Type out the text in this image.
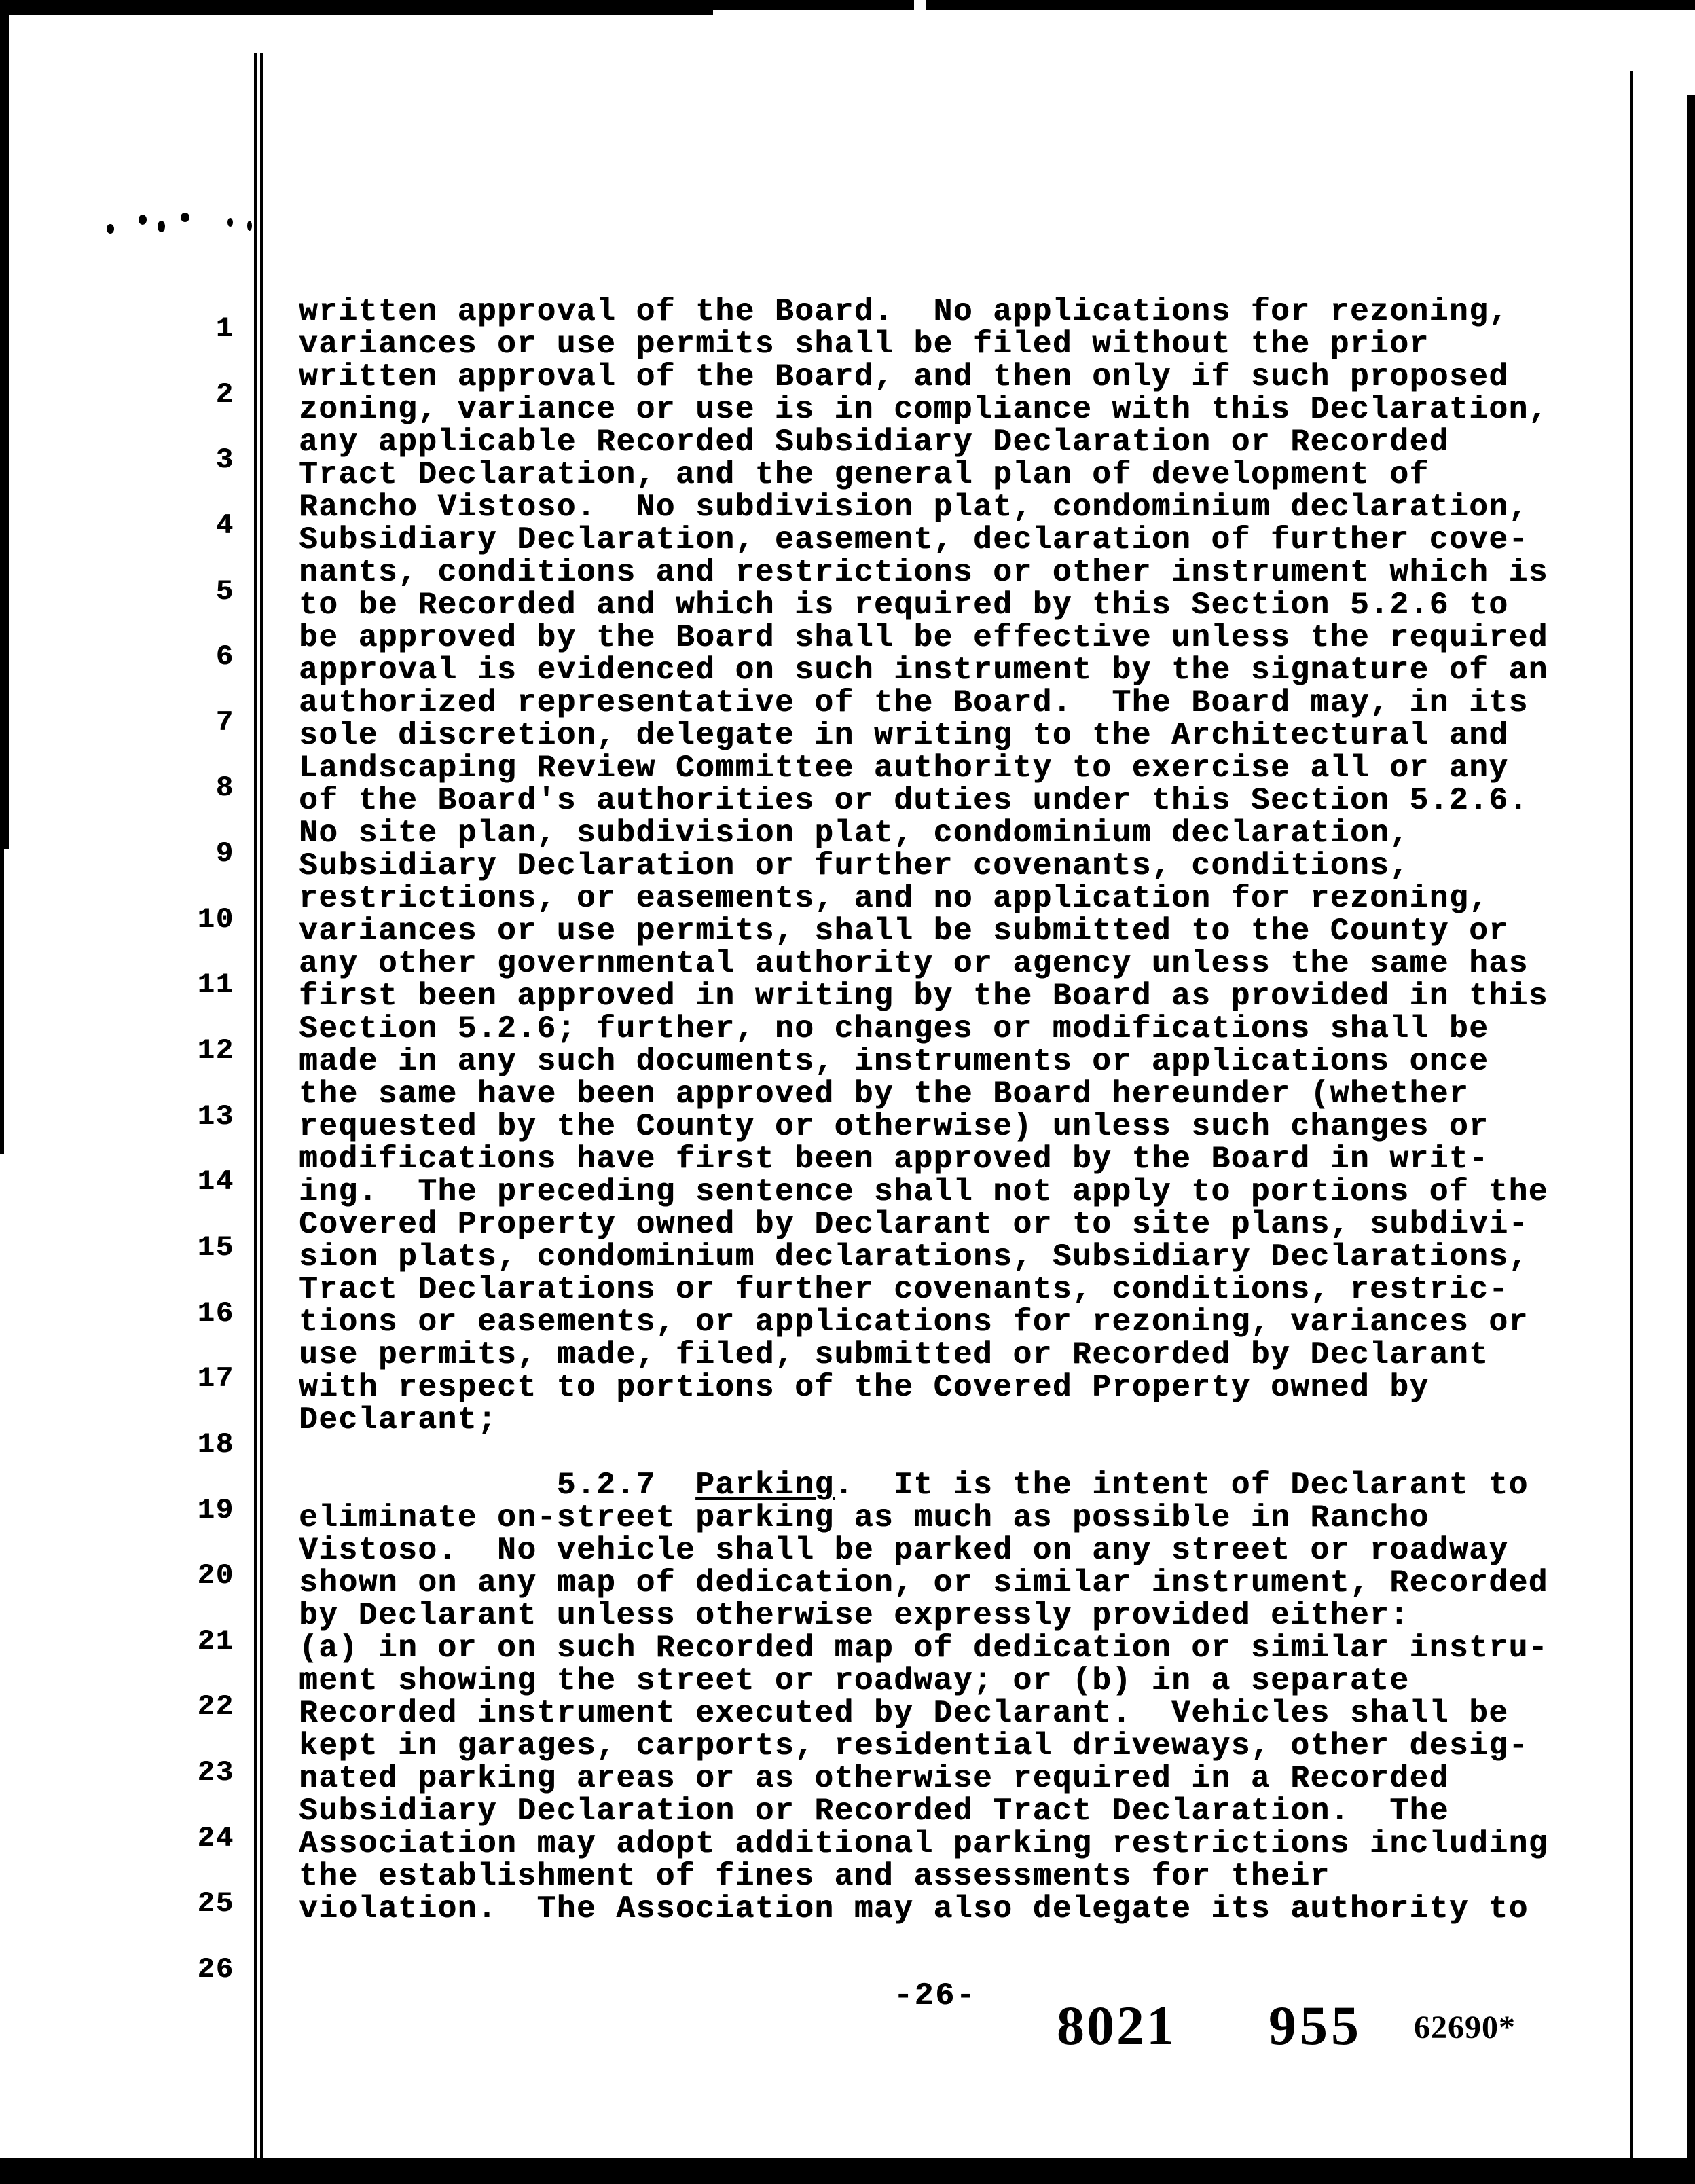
1
2
3
4
5
6
7
8
9
10
11
12
13
14
15
16
17
18
19
20
21
22
23
24
25
26
written approval of the Board.  No applications for rezoning,
variances or use permits shall be filed without the prior
written approval of the Board, and then only if such proposed
zoning, variance or use is in compliance with this Declaration,
any applicable Recorded Subsidiary Declaration or Recorded
Tract Declaration, and the general plan of development of
Rancho Vistoso.  No subdivision plat, condominium declaration,
Subsidiary Declaration, easement, declaration of further cove-
nants, conditions and restrictions or other instrument which is
to be Recorded and which is required by this Section 5.2.6 to
be approved by the Board shall be effective unless the required
approval is evidenced on such instrument by the signature of an
authorized representative of the Board.  The Board may, in its
sole discretion, delegate in writing to the Architectural and
Landscaping Review Committee authority to exercise all or any
of the Board's authorities or duties under this Section 5.2.6.
No site plan, subdivision plat, condominium declaration,
Subsidiary Declaration or further covenants, conditions,
restrictions, or easements, and no application for rezoning,
variances or use permits, shall be submitted to the County or
any other governmental authority or agency unless the same has
first been approved in writing by the Board as provided in this
Section 5.2.6; further, no changes or modifications shall be
made in any such documents, instruments or applications once
the same have been approved by the Board hereunder (whether
requested by the County or otherwise) unless such changes or
modifications have first been approved by the Board in writ-
ing.  The preceding sentence shall not apply to portions of the
Covered Property owned by Declarant or to site plans, subdivi-
sion plats, condominium declarations, Subsidiary Declarations,
Tract Declarations or further covenants, conditions, restric-
tions or easements, or applications for rezoning, variances or
use permits, made, filed, submitted or Recorded by Declarant
with respect to portions of the Covered Property owned by
Declarant;
5.2.7  Parking.  It is the intent of Declarant to
eliminate on-street parking as much as possible in Rancho
Vistoso.  No vehicle shall be parked on any street or roadway
shown on any map of dedication, or similar instrument, Recorded
by Declarant unless otherwise expressly provided either:
(a) in or on such Recorded map of dedication or similar instru-
ment showing the street or roadway; or (b) in a separate
Recorded instrument executed by Declarant.  Vehicles shall be
kept in garages, carports, residential driveways, other desig-
nated parking areas or as otherwise required in a Recorded
Subsidiary Declaration or Recorded Tract Declaration.  The
Association may adopt additional parking restrictions including
the establishment of fines and assessments for their
violation.  The Association may also delegate its authority to
-26- 8021 955 62690*
